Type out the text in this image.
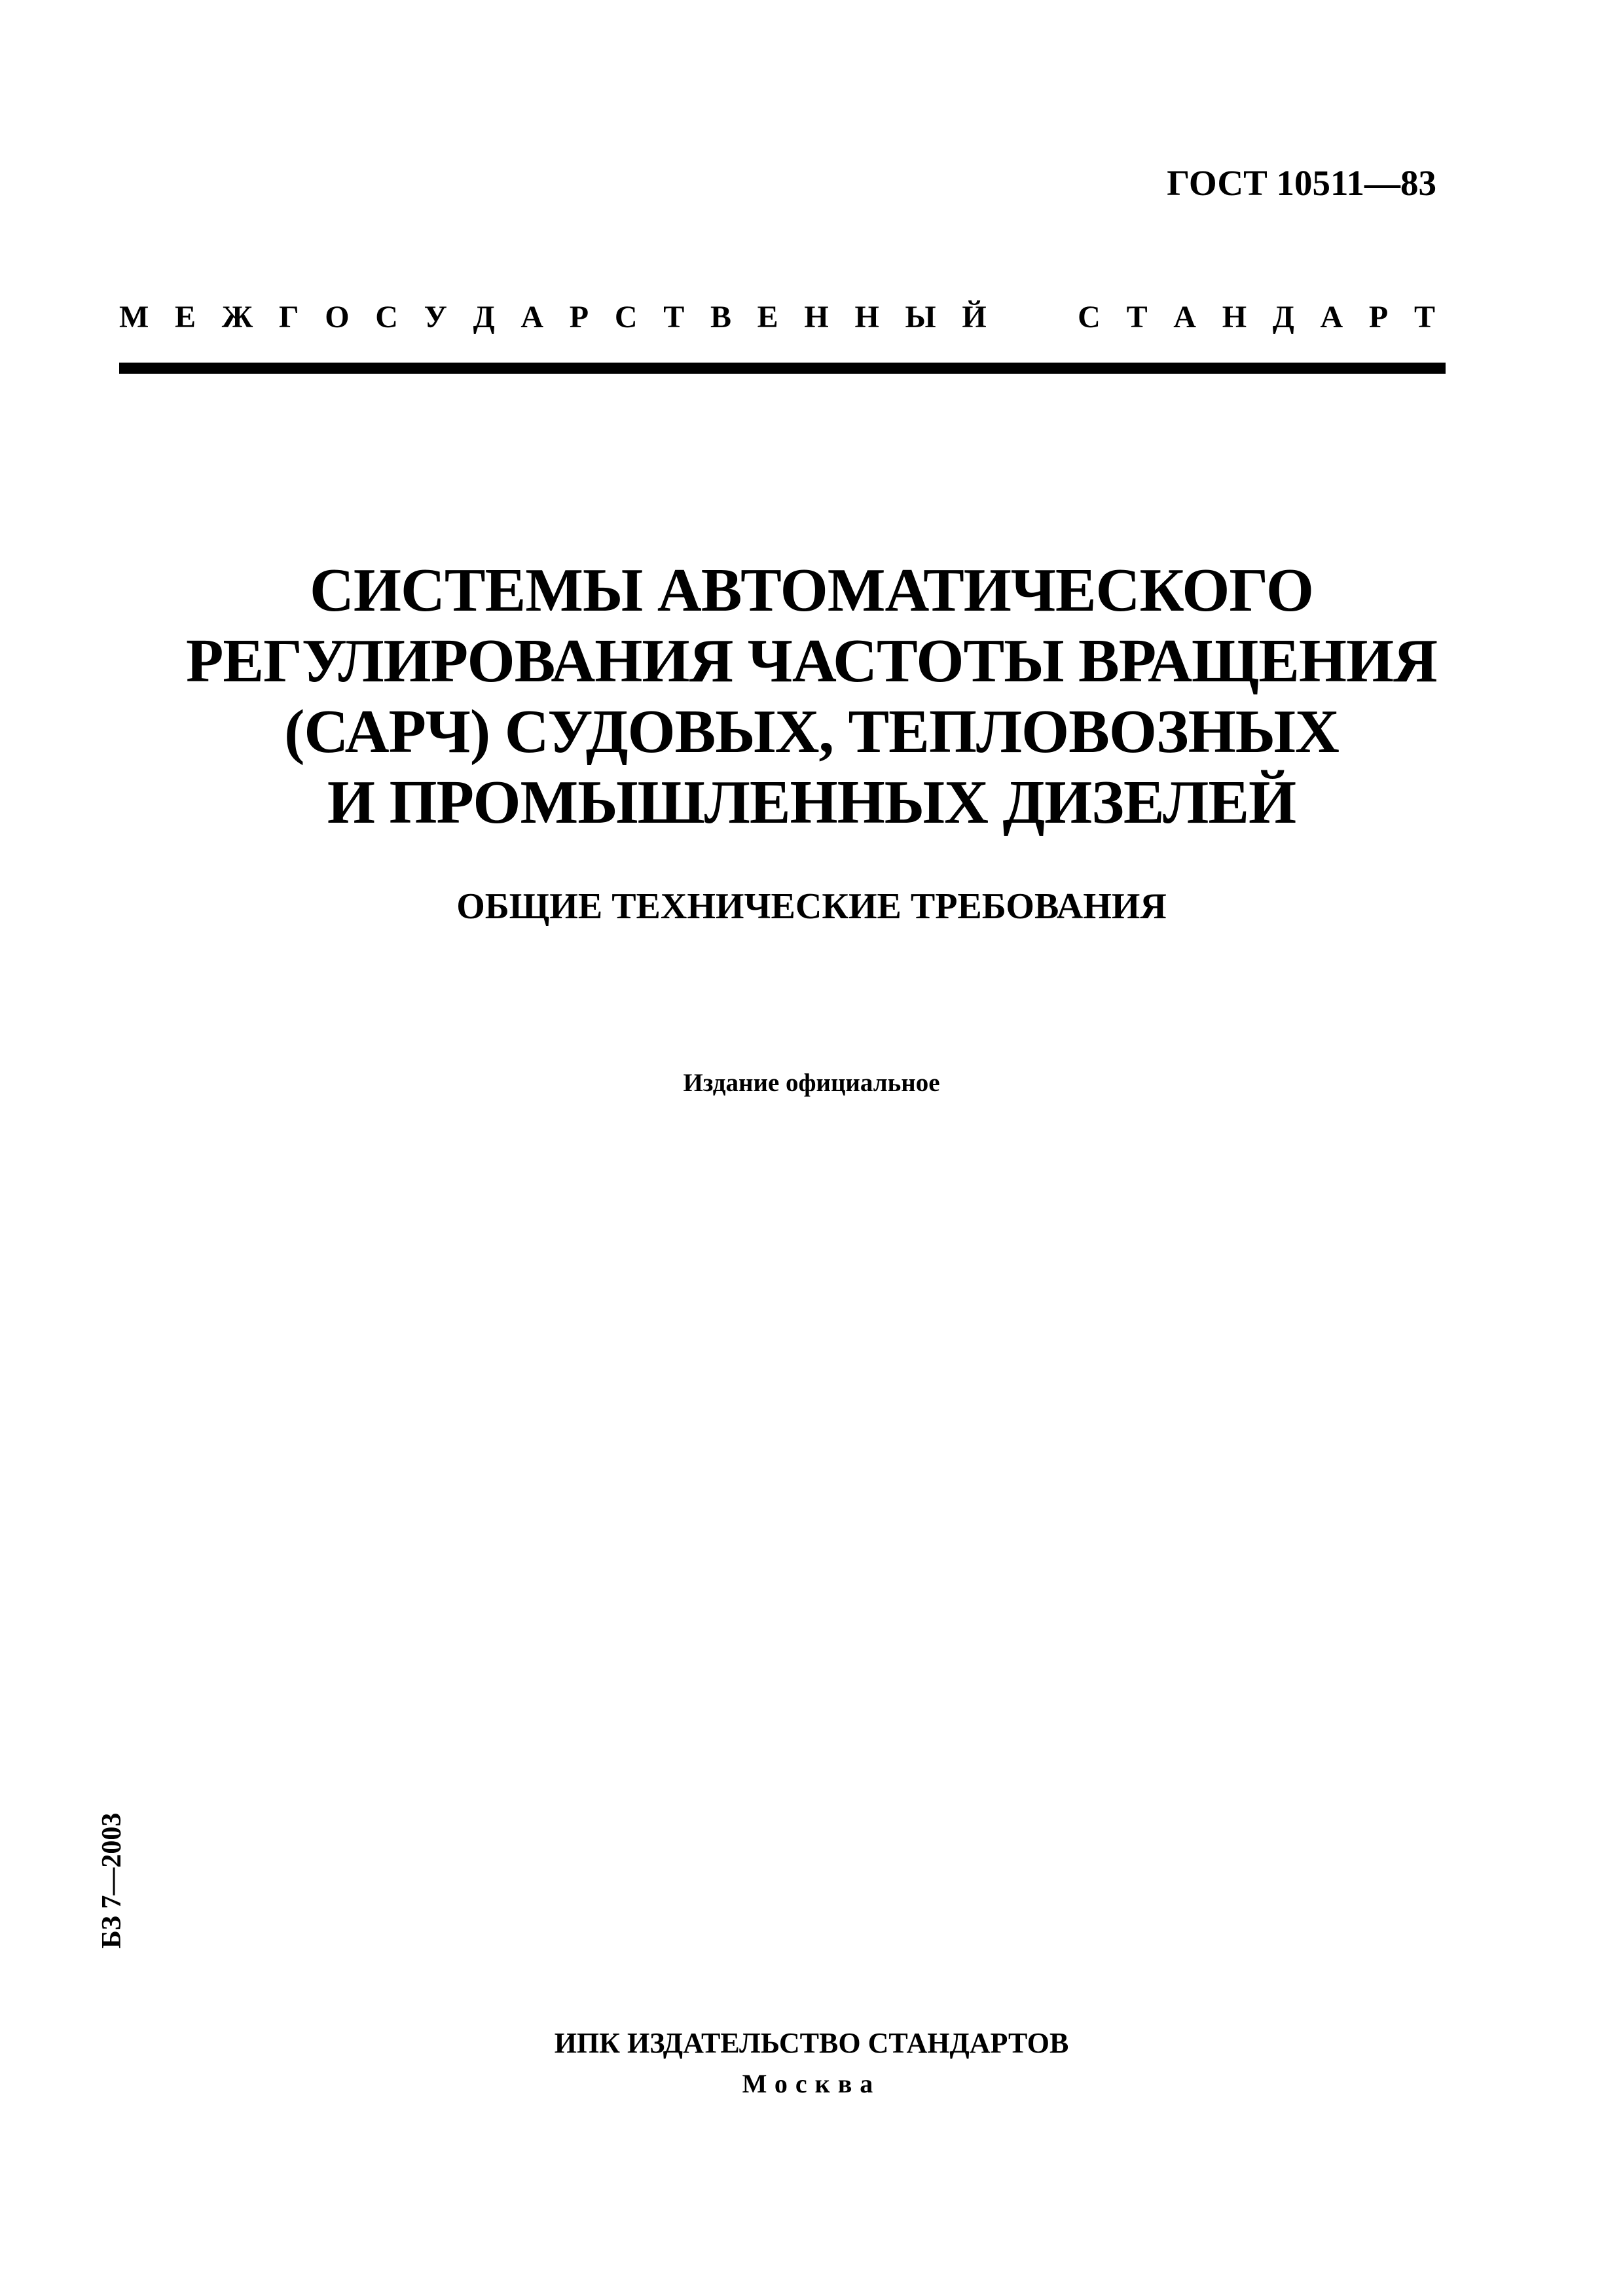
ГОСТ 10511—83
М Е Ж Г О С У Д А Р С Т В Е Н Н Ы Й	С Т А Н Д А Р Т
СИСТЕМЫ АВТОМАТИЧЕСКОГО
РЕГУЛИРОВАНИЯ ЧАСТОТЫ ВРАЩЕНИЯ
(САРЧ) СУДОВЫХ, ТЕПЛОВОЗНЫХ
И ПРОМЫШЛЕННЫХ ДИЗЕЛЕЙ
ОБЩИЕ ТЕХНИЧЕСКИЕ ТРЕБОВАНИЯ
Издание официальное
БЗ 7—2003
ИПК ИЗДАТЕЛЬСТВО СТАНДАРТОВ
Москва
